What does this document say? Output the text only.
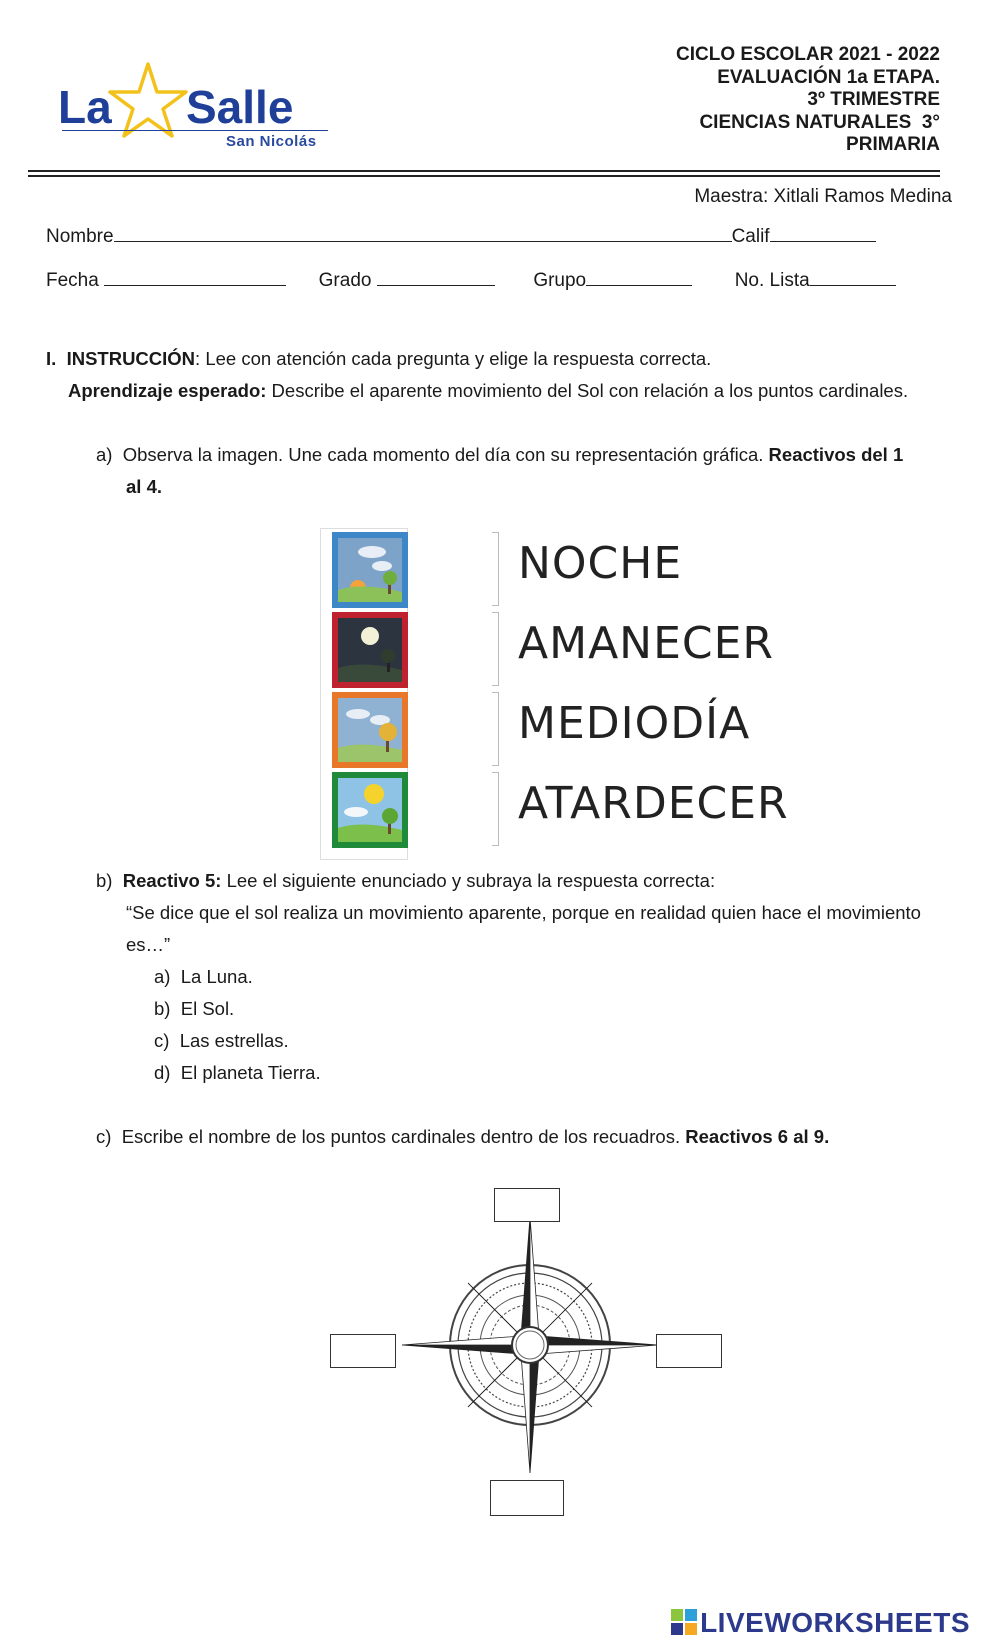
La Salle
San Nicolás
CICLO ESCOLAR 2021 - 2022
EVALUACIÓN 1a ETAPA.
3º TRIMESTRE
CIENCIAS NATURALES  3°
PRIMARIA
Maestra: Xitlali Ramos Medina
Nombre	Calif
Fecha	Grado	Grupo	No. Lista
I. INSTRUCCIÓN: Lee con atención cada pregunta y elige la respuesta correcta.
Aprendizaje esperado: Describe el aparente movimiento del Sol con relación a los puntos cardinales.
a) Observa la imagen. Une cada momento del día con su representación gráfica. Reactivos del 1
al 4.
NOCHE
AMANECER
MEDIODÍA
ATARDECER
b) Reactivo 5: Lee el siguiente enunciado y subraya la respuesta correcta:
“Se dice que el sol realiza un movimiento aparente, porque en realidad quien hace el movimiento
es…”
a) La Luna.
b) El Sol.
c) Las estrellas.
d) El planeta Tierra.
c) Escribe el nombre de los puntos cardinales dentro de los recuadros. Reactivos 6 al 9.
LIVEWORKSHEETS
